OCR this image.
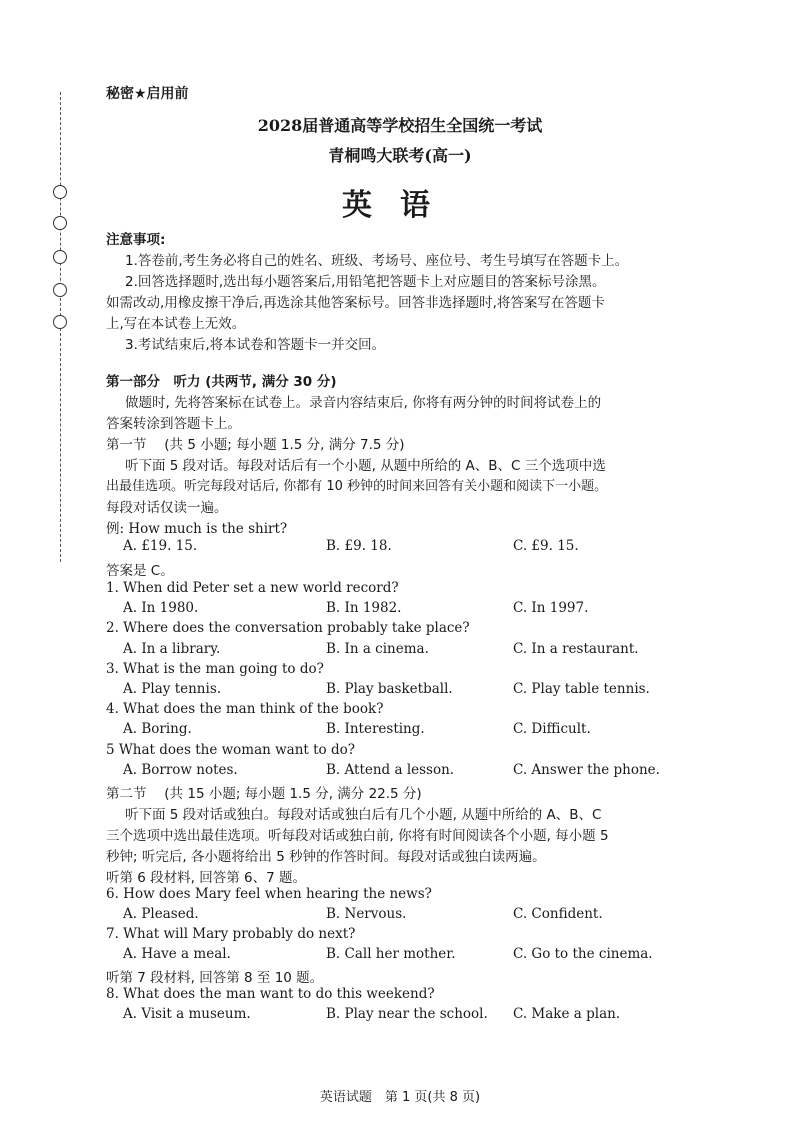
秘密★启用前
2028届普通高等学校招生全国统一考试
青桐鸣大联考(高一)
英语
注意事项:
1.答卷前,考生务必将自己的姓名、班级、考场号、座位号、考生号填写在答题卡上。
2.回答选择题时,选出每小题答案后,用铅笔把答题卡上对应题目的答案标号涂黑。
如需改动,用橡皮擦干净后,再选涂其他答案标号。回答非选择题时,将答案写在答题卡
上,写在本试卷上无效。
3.考试结束后,将本试卷和答题卡一并交回。
第一部分　听力 (共两节, 满分 30 分)
做题时, 先将答案标在试卷上。录音内容结束后, 你将有两分钟的时间将试卷上的
答案转涂到答题卡上。
第一节　 (共 5 小题; 每小题 1.5 分, 满分 7.5 分)
听下面 5 段对话。每段对话后有一个小题, 从题中所给的 A、B、C 三个选项中选
出最佳选项。听完每段对话后, 你都有 10 秒钟的时间来回答有关小题和阅读下一小题。
每段对话仅读一遍。
例: How much is the shirt?
A. £19. 15.	B. £9. 18.	C. £9. 15.
答案是 C。
1. When did Peter set a new world record?
A. In 1980.	B. In 1982.	C. In 1997.
2. Where does the conversation probably take place?
A. In a library.	B. In a cinema.	C. In a restaurant.
3. What is the man going to do?
A. Play tennis.	B. Play basketball.	C. Play table tennis.
4. What does the man think of the book?
A. Boring.	B. Interesting.	C. Difficult.
5 What does the woman want to do?
A. Borrow notes.	B. Attend a lesson.	C. Answer the phone.
第二节　 (共 15 小题; 每小题 1.5 分, 满分 22.5 分)
听下面 5 段对话或独白。每段对话或独白后有几个小题, 从题中所给的 A、B、C
三个选项中选出最佳选项。听每段对话或独白前, 你将有时间阅读各个小题, 每小题 5
秒钟; 听完后, 各小题将给出 5 秒钟的作答时间。每段对话或独白读两遍。
听第 6 段材料, 回答第 6、7 题。
6. How does Mary feel when hearing the news?
A. Pleased.	B. Nervous.	C. Confident.
7. What will Mary probably do next?
A. Have a meal.	B. Call her mother.	C. Go to the cinema.
听第 7 段材料, 回答第 8 至 10 题。
8. What does the man want to do this weekend?
A. Visit a museum.	B. Play near the school. C. Make a plan.
英语试题　第 1 页(共 8 页)
